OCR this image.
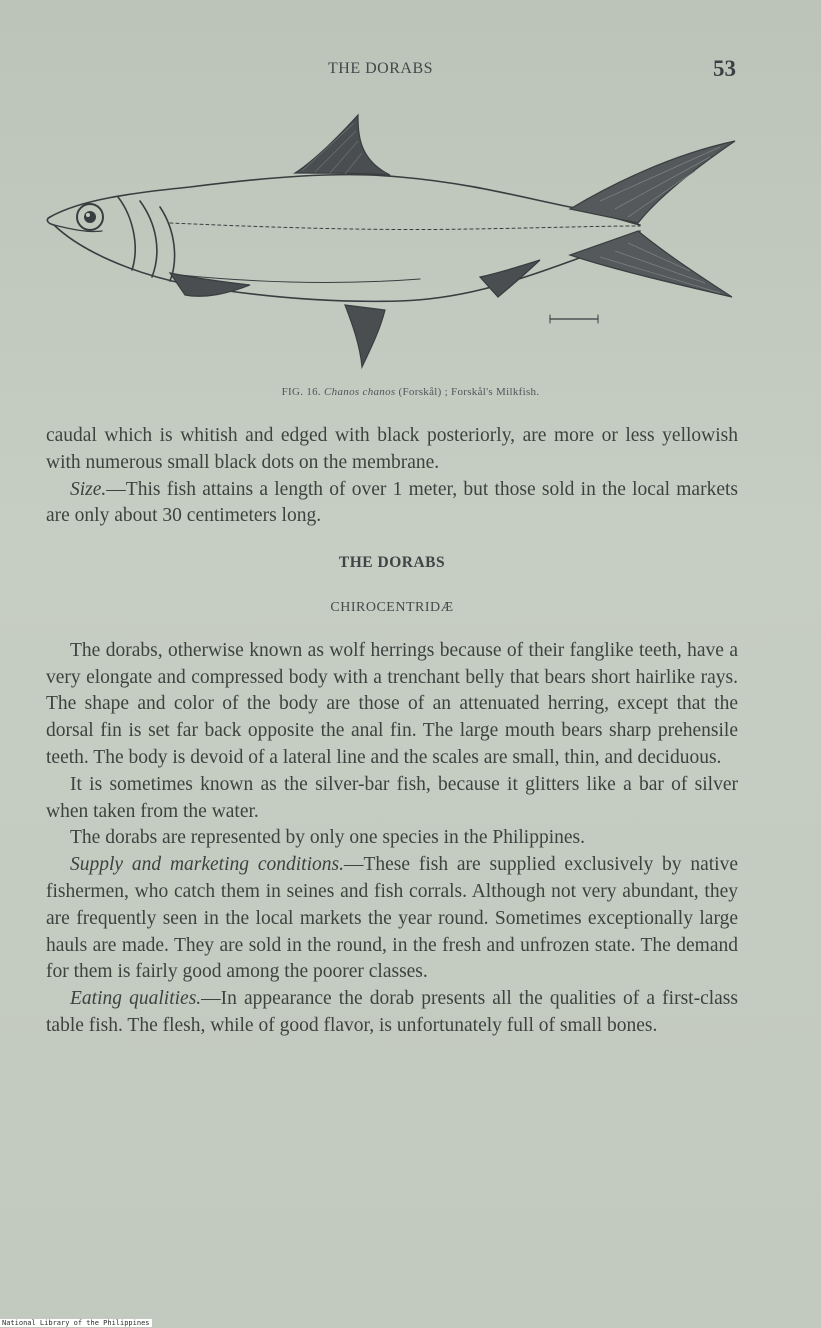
THE DORABS	53
FIG. 16. Chanos chanos (Forskål) ; Forskål's Milkfish.

caudal which is whitish and edged with black posteriorly, are more or less yellowish with numerous small black dots on the membrane.

Size.—This fish attains a length of over 1 meter, but those sold in the local markets are only about 30 centimeters long.

THE DORABS

CHIROCENTRIDÆ

The dorabs, otherwise known as wolf herrings because of their fanglike teeth, have a very elongate and compressed body with a trenchant belly that bears short hairlike rays. The shape and color of the body are those of an attenuated herring, except that the dorsal fin is set far back opposite the anal fin. The large mouth bears sharp prehensile teeth. The body is devoid of a lateral line and the scales are small, thin, and deciduous.

It is sometimes known as the silver-bar fish, because it glitters like a bar of silver when taken from the water.

The dorabs are represented by only one species in the Philippines.

Supply and marketing conditions.—These fish are supplied exclusively by native fishermen, who catch them in seines and fish corrals. Although not very abundant, they are frequently seen in the local markets the year round. Sometimes exceptionally large hauls are made. They are sold in the round, in the fresh and unfrozen state. The demand for them is fairly good among the poorer classes.

Eating qualities.—In appearance the dorab presents all the qualities of a first-class table fish. The flesh, while of good flavor, is unfortunately full of small bones.

National Library of the Philippines
